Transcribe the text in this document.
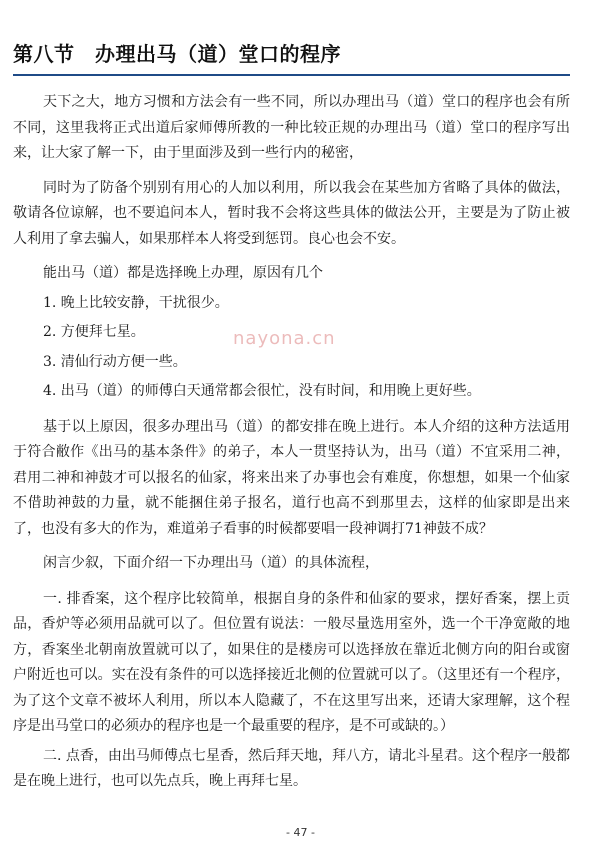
第八节　办理出马（道）堂口的程序

天下之大，地方习惯和方法会有一些不同，所以办理出马（道）堂口的程序也会有所不同，这里我将正式出道后家师傅所教的一种比较正规的办理出马（道）堂口的程序写出来，让大家了解一下，由于里面涉及到一些行内的秘密，

同时为了防备个别别有用心的人加以利用，所以我会在某些加方省略了具体的做法，敬请各位谅解，也不要追问本人，暂时我不会将这些具体的做法公开，主要是为了防止被人利用了拿去骗人，如果那样本人将受到惩罚。良心也会不安。

能出马（道）都是选择晚上办理，原因有几个

1. 晚上比较安静，干扰很少。

2. 方便拜七星。

3. 清仙行动方便一些。

4. 出马（道）的师傅白天通常都会很忙，没有时间，和用晚上更好些。

基于以上原因，很多办理出马（道）的都安排在晚上进行。本人介绍的这种方法适用于符合敝作《出马的基本条件》的弟子，本人一贯坚持认为，出马（道）不宜采用二神，君用二神和神鼓才可以报名的仙家，将来出来了办事也会有难度，你想想，如果一个仙家不借助神鼓的力量，就不能捆住弟子报名，道行也高不到那里去，这样的仙家即是出来了，也没有多大的作为，难道弟子看事的时候都要唱一段神调打71神鼓不成？

闲言少叙，下面介绍一下办理出马（道）的具体流程，

一. 排香案，这个程序比较简单，根据自身的条件和仙家的要求，摆好香案，摆上贡品，香炉等必须用品就可以了。但位置有说法：一般尽量选用室外，选一个干净宽敞的地方，香案坐北朝南放置就可以了，如果住的是楼房可以选择放在靠近北侧方向的阳台或窗户附近也可以。实在没有条件的可以选择接近北侧的位置就可以了。（这里还有一个程序，为了这个文章不被坏人利用，所以本人隐藏了，不在这里写出来，还请大家理解，这个程序是出马堂口的必须办的程序也是一个最重要的程序，是不可或缺的。）

二. 点香，由出马师傅点七星香，然后拜天地，拜八方，请北斗星君。这个程序一般都是在晚上进行，也可以先点兵，晚上再拜七星。

nayona.cn
- 47 -
